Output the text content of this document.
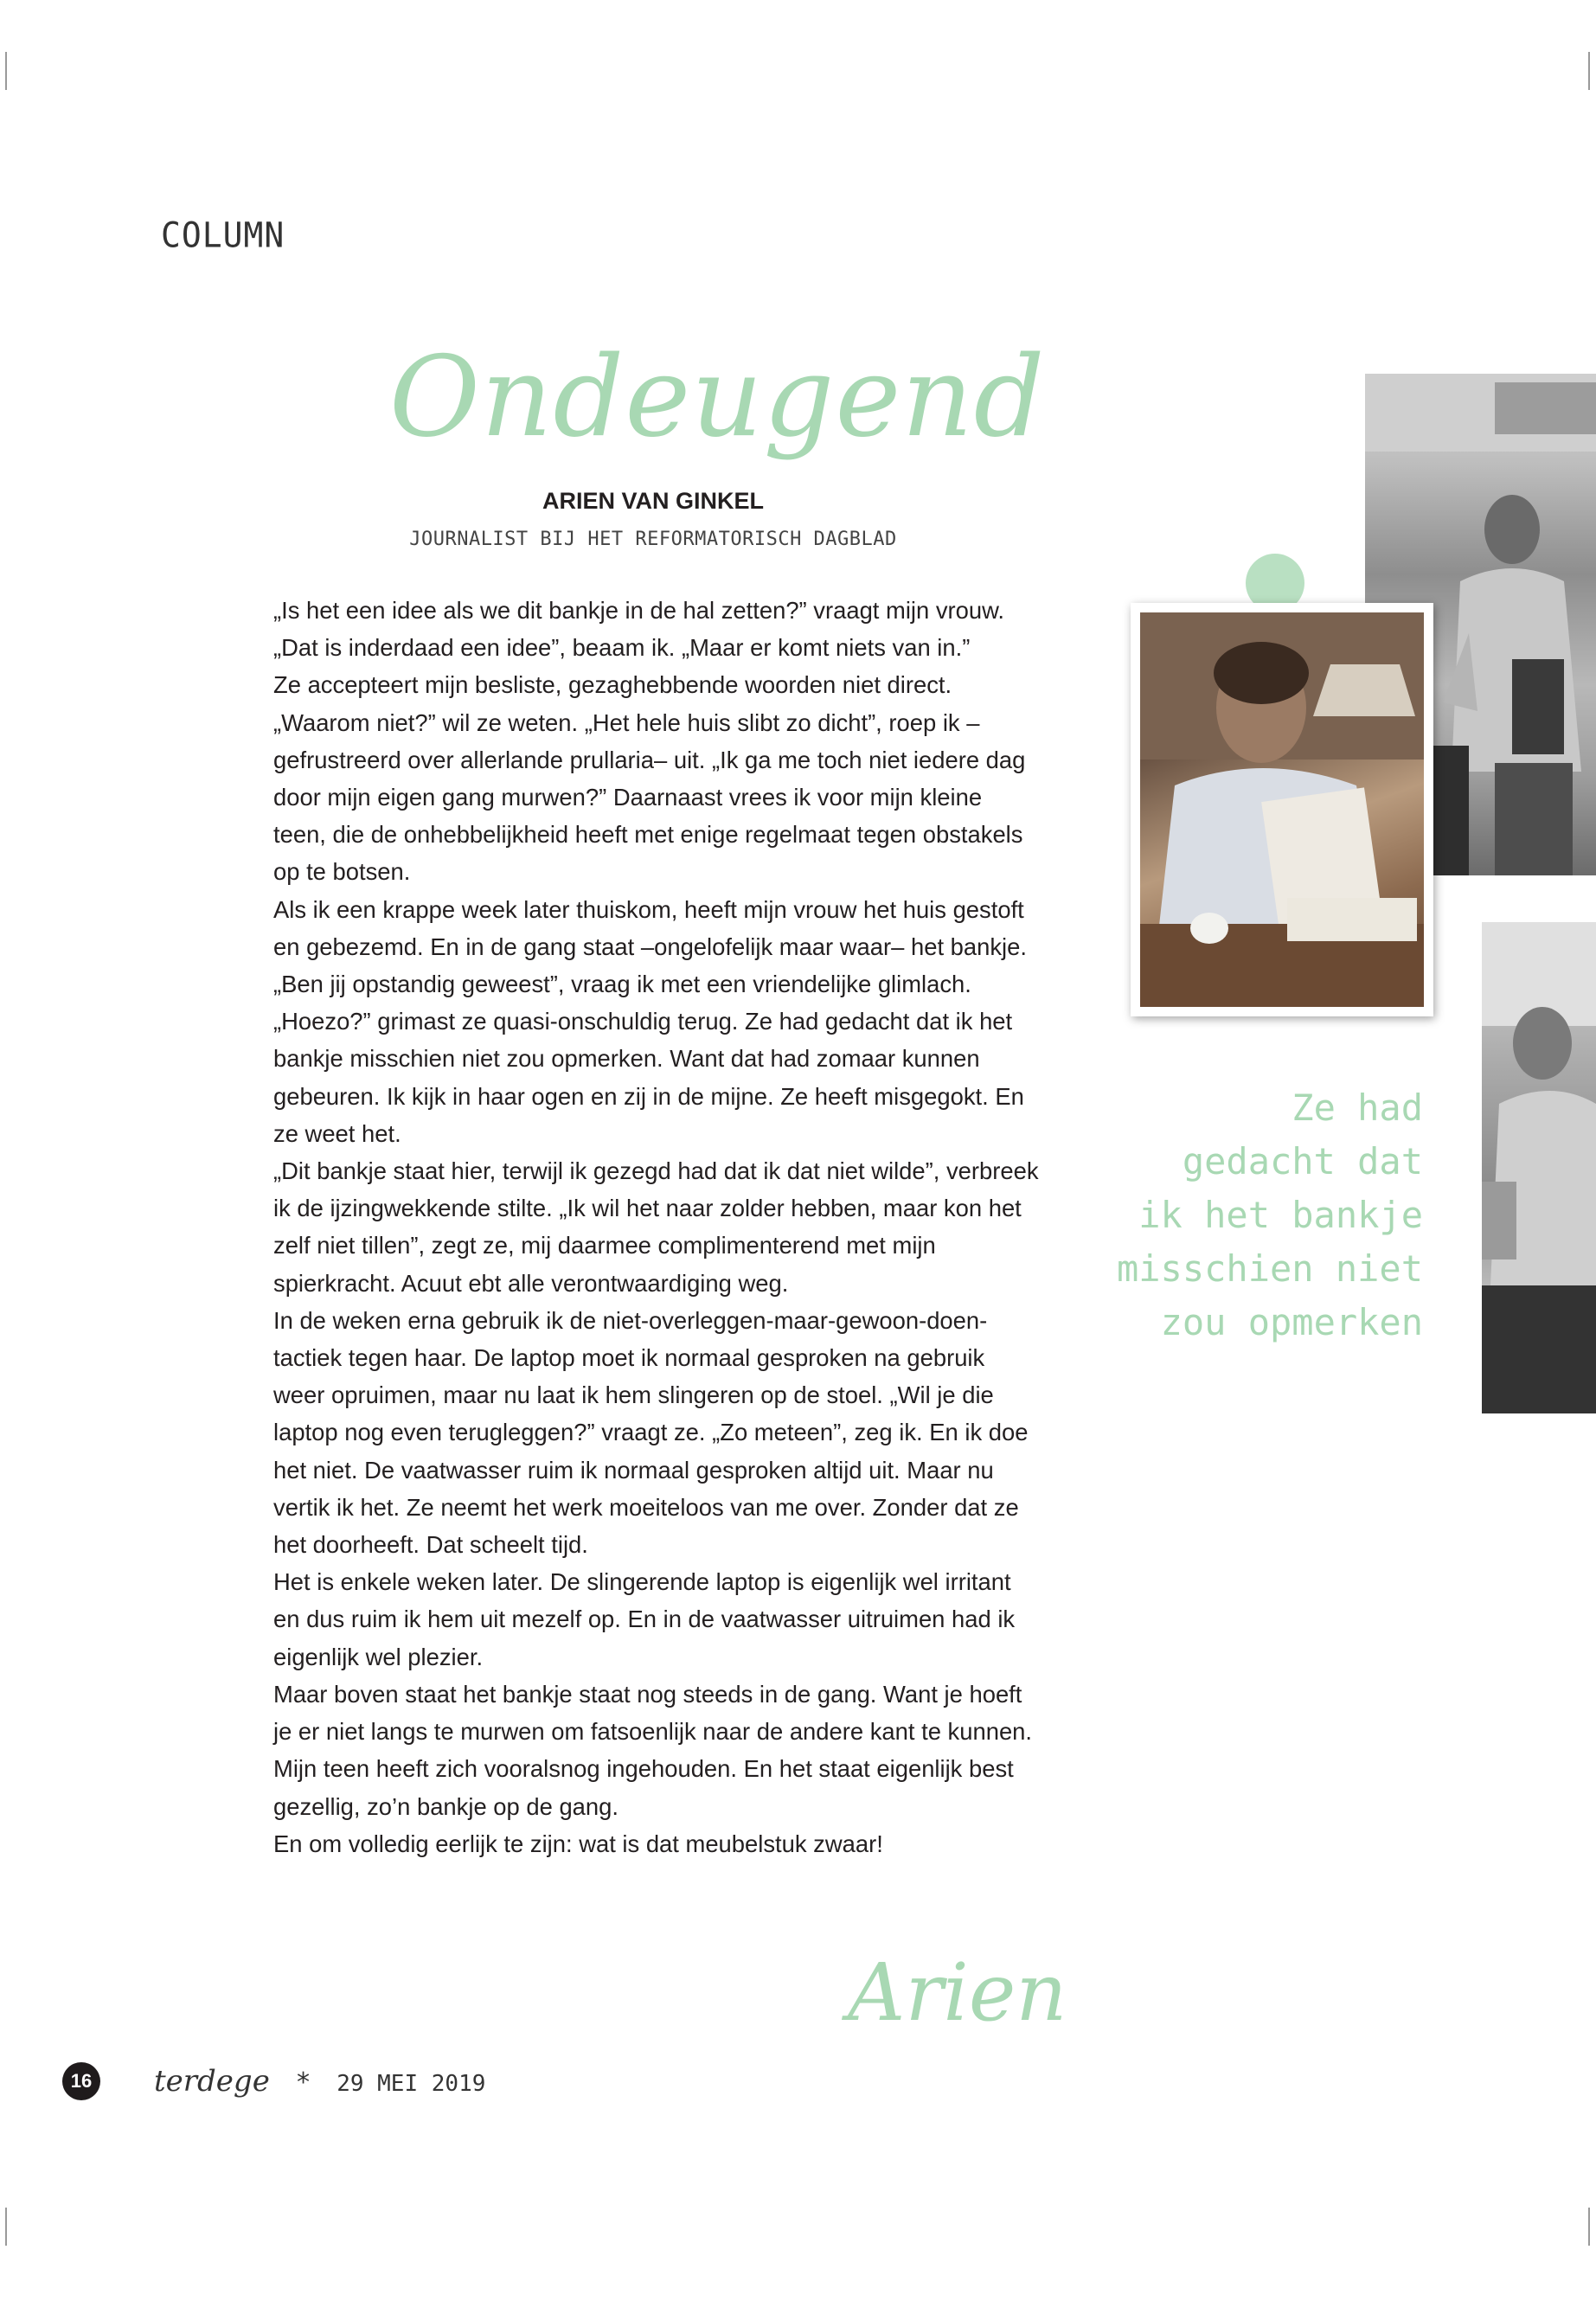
COLUMN
Ondeugend
ARIEN VAN GINKEL
JOURNALIST BIJ HET REFORMATORISCH DAGBLAD

„Is het een idee als we dit bankje in de hal zetten?” vraagt mijn vrouw. „Dat is inderdaad een idee”, beaam ik. „Maar er komt niets van in.”

Ze accepteert mijn besliste, gezaghebbende woorden niet direct. „Waarom niet?” wil ze weten. „Het hele huis slibt zo dicht”, roep ik –gefrustreerd over allerlande prullaria– uit. „Ik ga me toch niet iedere dag door mijn eigen gang murwen?” Daarnaast vrees ik voor mijn kleine teen, die de onhebbelijkheid heeft met enige regelmaat tegen obstakels op te botsen.

Als ik een krappe week later thuiskom, heeft mijn vrouw het huis gestoft en gebezemd. En in de gang staat –ongelofelijk maar waar– het bankje. „Ben jij opstandig geweest”, vraag ik met een vriendelijke glimlach. „Hoezo?” grimast ze quasi-onschuldig terug. Ze had gedacht dat ik het bankje misschien niet zou opmerken. Want dat had zomaar kunnen gebeuren. Ik kijk in haar ogen en zij in de mijne. Ze heeft misgegokt. En ze weet het.

„Dit bankje staat hier, terwijl ik gezegd had dat ik dat niet wilde”, verbreek ik de ijzingwekkende stilte. „Ik wil het naar zolder hebben, maar kon het zelf niet tillen”, zegt ze, mij daarmee complimenterend met mijn spierkracht. Acuut ebt alle verontwaardiging weg.

In de weken erna gebruik ik de niet-overleggen-maar-gewoon-doen-tactiek tegen haar. De laptop moet ik normaal gesproken na gebruik weer opruimen, maar nu laat ik hem slingeren op de stoel. „Wil je die laptop nog even terugleggen?” vraagt ze. „Zo meteen”, zeg ik. En ik doe het niet. De vaatwasser ruim ik normaal gesproken altijd uit. Maar nu vertik ik het. Ze neemt het werk moeiteloos van me over. Zonder dat ze het doorheeft. Dat scheelt tijd.

Het is enkele weken later. De slingerende laptop is eigenlijk wel irritant en dus ruim ik hem uit mezelf op. En in de vaatwasser uitruimen had ik eigenlijk wel plezier.

Maar boven staat het bankje staat nog steeds in de gang. Want je hoeft je er niet langs te murwen om fatsoenlijk naar de andere kant te kunnen. Mijn teen heeft zich vooralsnog ingehouden. En het staat eigenlijk best gezellig, zo’n bankje op de gang.

En om volledig eerlijk te zijn: wat is dat meubelstuk zwaar!

Ze had

gedacht dat

ik het bankje

misschien niet

zou opmerken

Arien
16 terdege * 29 MEI 2019
